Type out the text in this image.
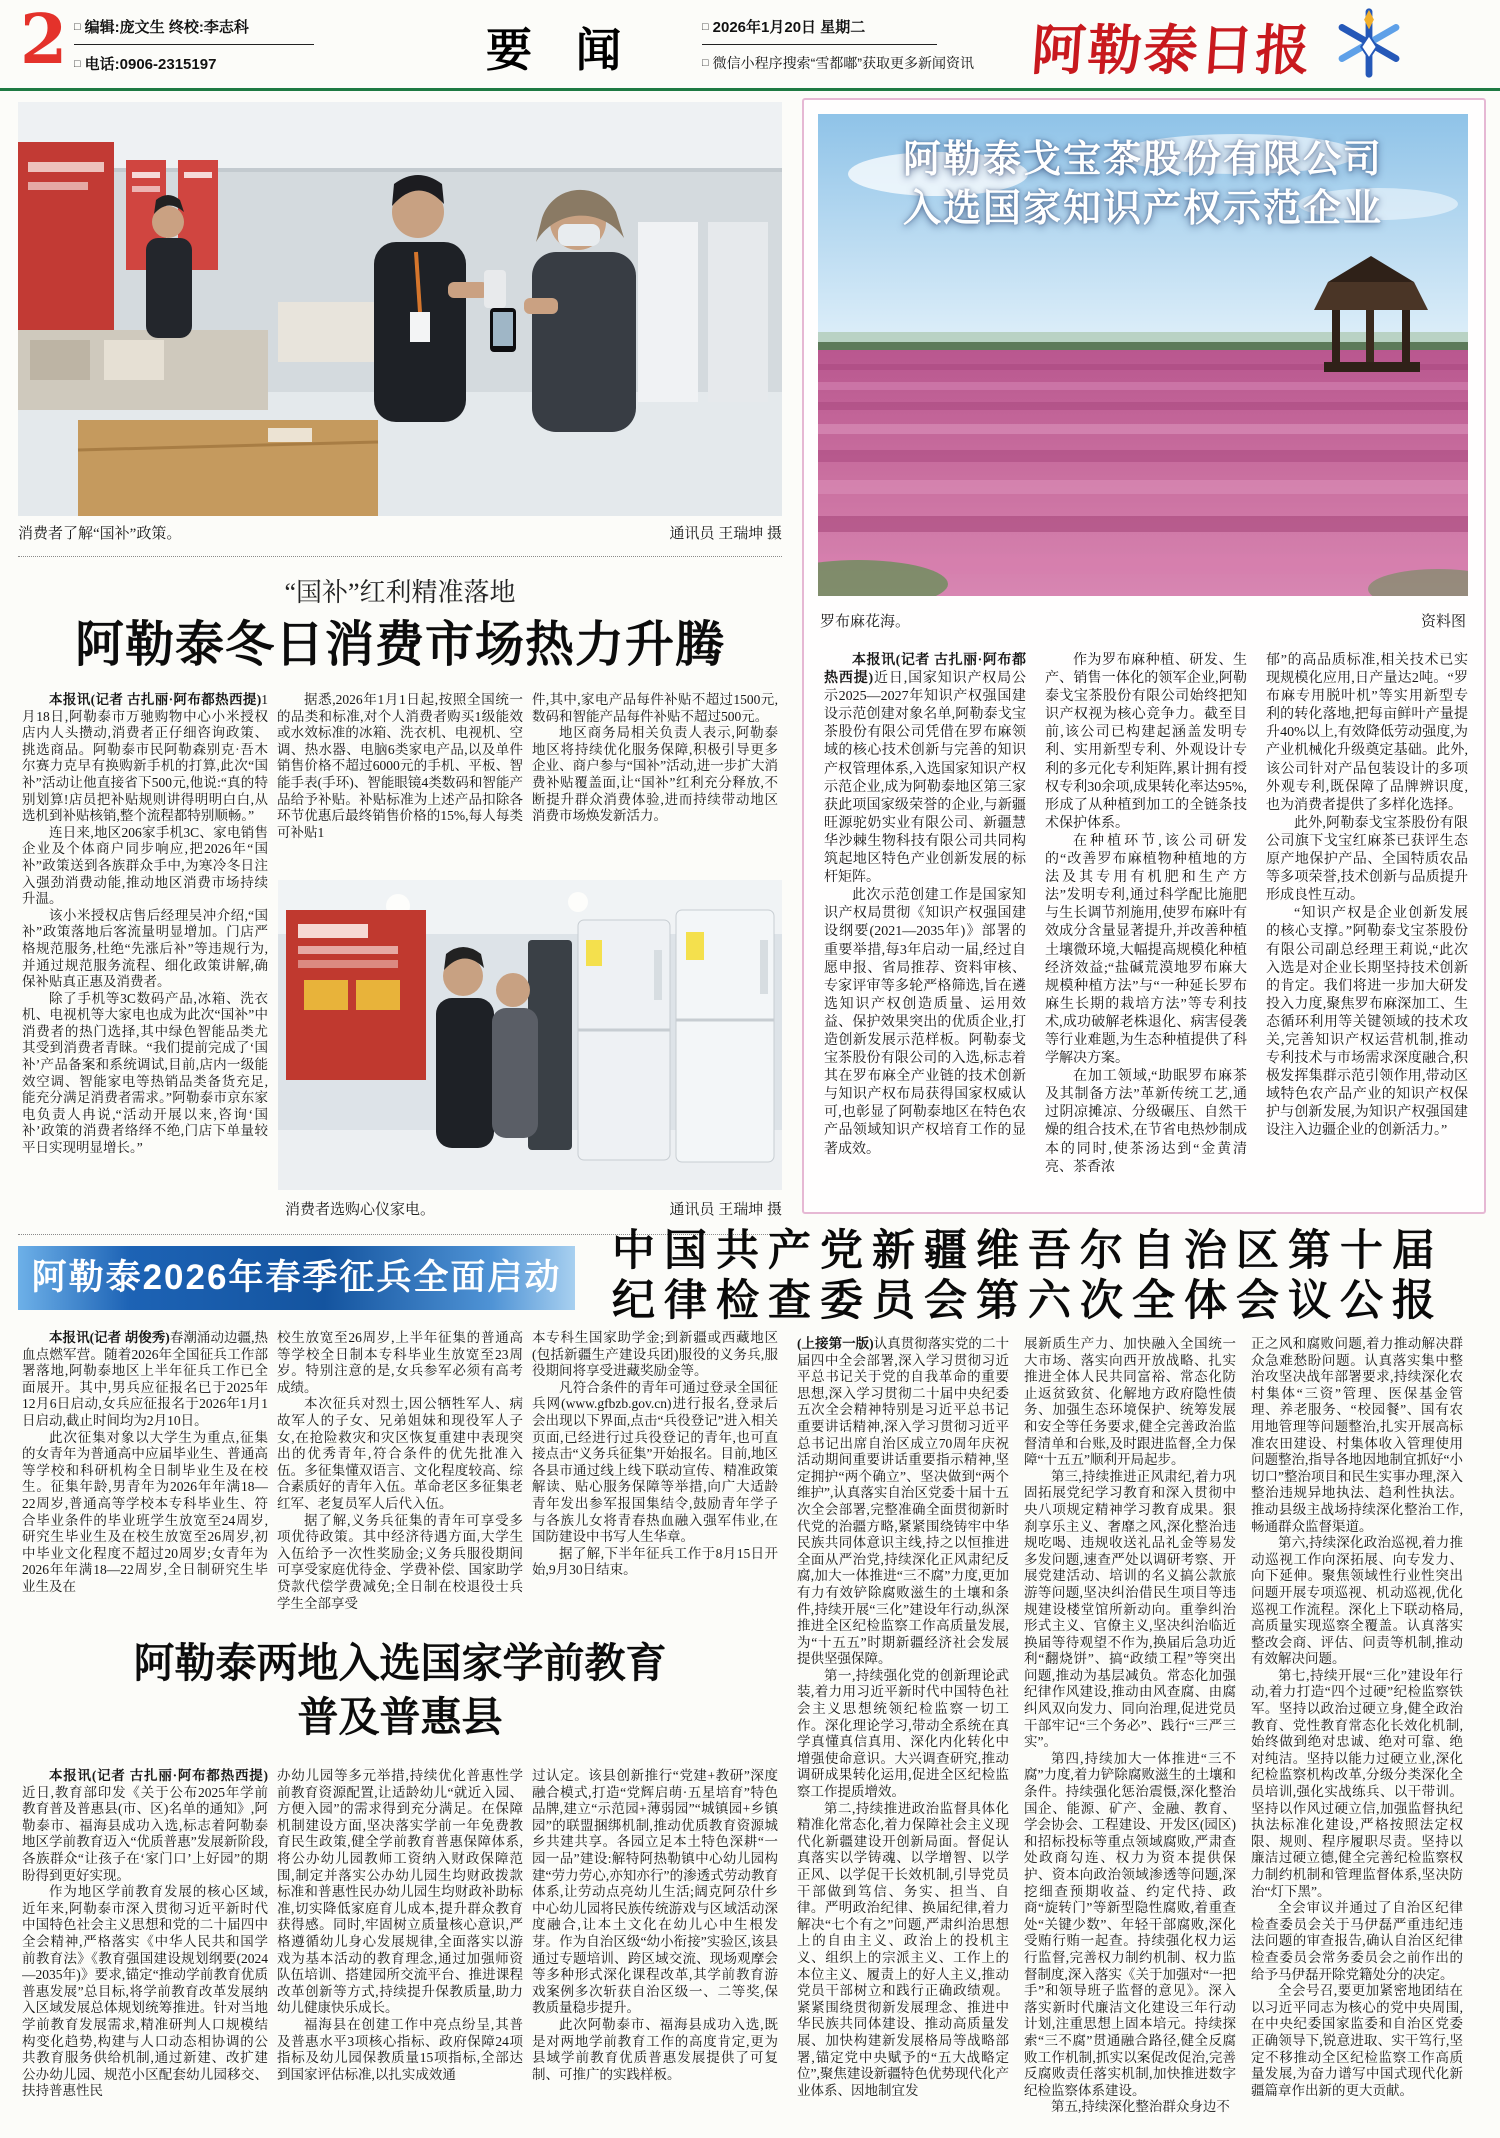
2 □ 编辑:庞文生 终校:李志科
□ 电话:0906-2315197	要 闻	□ 2026年1月20日 星期二
□ 微信小程序搜索“雪都嘟”获取更多新闻资讯	阿勒泰日报
消费者了解“国补”政策。	通讯员 王瑞坤 摄
“国补”红利精准落地
阿勒泰冬日消费市场热力升腾

本报讯(记者 古扎丽·阿布都热西提)1月18日,阿勒泰市万驰购物中心小米授权店内人头攒动,消费者正仔细咨询政策、挑选商品。阿勒泰市民阿勒森别克·吾木尔赛力克早有换购新手机的打算,此次“国补”活动让他直接省下500元,他说:“真的特别划算!店员把补贴规则讲得明明白白,从选机到补贴核销,整个流程都特别顺畅。”

连日来,地区206家手机3C、家电销售企业及个体商户同步响应,把2026年“国补”政策送到各族群众手中,为寒冷冬日注入强劲消费动能,推动地区消费市场持续升温。

该小米授权店售后经理吴冲介绍,“国补”政策落地后客流量明显增加。门店严格规范服务,杜绝“先涨后补”等违规行为,并通过规范服务流程、细化政策讲解,确保补贴真正惠及消费者。

除了手机等3C数码产品,冰箱、洗衣机、电视机等大家电也成为此次“国补”中消费者的热门选择,其中绿色智能品类尤其受到消费者青睐。“我们提前完成了‘国补’产品备案和系统调试,目前,店内一级能效空调、智能家电等热销品类备货充足,能充分满足消费者需求。”阿勒泰市京东家电负责人冉说,“活动开展以来,咨询‘国补’政策的消费者络绎不绝,门店下单量较平日实现明显增长。”

据悉,2026年1月1日起,按照全国统一的品类和标准,对个人消费者购买1级能效或水效标准的冰箱、洗衣机、电视机、空调、热水器、电脑6类家电产品,以及单件销售价格不超过6000元的手机、平板、智能手表(手环)、智能眼镜4类数码和智能产品给予补贴。补贴标准为上述产品扣除各环节优惠后最终销售价格的15%,每人每类可补贴1

件,其中,家电产品每件补贴不超过1500元,数码和智能产品每件补贴不超过500元。

地区商务局相关负责人表示,阿勒泰地区将持续优化服务保障,积极引导更多企业、商户参与“国补”活动,进一步扩大消费补贴覆盖面,让“国补”红利充分释放,不断提升群众消费体验,进而持续带动地区消费市场焕发新活力。

消费者选购心仪家电。	通讯员 王瑞坤 摄
阿勒泰2026年春季征兵全面启动

本报讯(记者 胡俊秀)春潮涌动边疆,热血点燃军营。随着2026年全国征兵工作部署落地,阿勒泰地区上半年征兵工作已全面展开。其中,男兵应征报名已于2025年12月6日启动,女兵应征报名于2026年1月1日启动,截止时间均为2月10日。

此次征集对象以大学生为重点,征集的女青年为普通高中应届毕业生、普通高等学校和科研机构全日制毕业生及在校生。征集年龄,男青年为2026年年满18—22周岁,普通高等学校本专科毕业生、符合毕业条件的毕业班学生放宽至24周岁,研究生毕业生及在校生放宽至26周岁,初中毕业文化程度不超过20周岁;女青年为2026年年满18—22周岁,全日制研究生毕业生及在

校生放宽至26周岁,上半年征集的普通高等学校全日制本专科毕业生放宽至23周岁。特别注意的是,女兵参军必须有高考成绩。

本次征兵对烈士,因公牺牲军人、病故军人的子女、兄弟姐妹和现役军人子女,在抢险救灾和灾区恢复重建中表现突出的优秀青年,符合条件的优先批准入伍。多征集懂双语言、文化程度较高、综合素质好的青年入伍。革命老区多征集老红军、老复员军人后代入伍。

据了解,义务兵征集的青年可享受多项优待政策。其中经济待遇方面,大学生入伍给予一次性奖励金;义务兵服役期间可享受家庭优待金、学费补偿、国家助学贷款代偿学费减免;全日制在校退役士兵学生全部享受

本专科生国家助学金;到新疆或西藏地区(包括新疆生产建设兵团)服役的义务兵,服役期间将享受进藏奖励金等。

凡符合条件的青年可通过登录全国征兵网(www.gfbzb.gov.cn)进行报名,登录后会出现以下界面,点击“兵役登记”进入相关页面,已经进行过兵役登记的青年,也可直接点击“义务兵征集”开始报名。目前,地区各县市通过线上线下联动宣传、精准政策解读、贴心服务保障等举措,向广大适龄青年发出参军报国集结令,鼓励青年学子与各族儿女将青春热血融入强军伟业,在国防建设中书写人生华章。

据了解,下半年征兵工作于8月15日开始,9月30日结束。

阿勒泰两地入选国家学前教育
普及普惠县

本报讯(记者 古扎丽·阿布都热西提)近日,教育部印发《关于公布2025年学前教育普及普惠县(市、区)名单的通知》,阿勒泰市、福海县成功入选,标志着阿勒泰地区学前教育迈入“优质普惠”发展新阶段,各族群众“让孩子在‘家门口’上好园”的期盼得到更好实现。

作为地区学前教育发展的核心区域,近年来,阿勒泰市深入贯彻习近平新时代中国特色社会主义思想和党的二十届四中全会精神,严格落实《中华人民共和国学前教育法》《教育强国建设规划纲要(2024—2035年)》要求,锚定“推动学前教育优质普惠发展”总目标,将学前教育改革发展纳入区域发展总体规划统筹推进。针对当地学前教育发展需求,精准研判人口规模结构变化趋势,构建与人口动态相协调的公共教育服务供给机制,通过新建、改扩建公办幼儿园、规范小区配套幼儿园移交、扶持普惠性民

办幼儿园等多元举措,持续优化普惠性学前教育资源配置,让适龄幼儿“就近入园、方便入园”的需求得到充分满足。在保障机制建设方面,坚决落实学前一年免费教育民生政策,健全学前教育普惠保障体系,将公办幼儿园教师工资纳入财政保障范围,制定并落实公办幼儿园生均财政拨款标准和普惠性民办幼儿园生均财政补助标准,切实降低家庭育儿成本,提升群众教育获得感。同时,牢固树立质量核心意识,严格遵循幼儿身心发展规律,全面落实以游戏为基本活动的教育理念,通过加强师资队伍培训、搭建园所交流平台、推进课程改革创新等方式,持续提升保教质量,助力幼儿健康快乐成长。

福海县在创建工作中亮点纷呈,其普及普惠水平3项核心指标、政府保障24项指标及幼儿园保教质量15项指标,全部达到国家评估标准,以扎实成效通

过认定。该县创新推行“党建+教研”深度融合模式,打造“党辉启萌·五星培育”特色品牌,建立“示范园+薄弱园”“城镇园+乡镇园”的联盟捆绑机制,推动优质教育资源城乡共建共享。各园立足本土特色深耕“一园一品”建设:解特阿热勒镇中心幼儿园构建“劳力劳心,亦知亦行”的渗透式劳动教育体系,让劳动点亮幼儿生活;阔克阿尕什乡中心幼儿园将民族传统游戏与区域活动深度融合,让本土文化在幼儿心中生根发芽。作为自治区级“幼小衔接”实验区,该县通过专题培训、跨区域交流、现场观摩会等多种形式深化课程改革,其学前教育游戏案例多次斩获自治区级一、二等奖,保教质量稳步提升。

此次阿勒泰市、福海县成功入选,既是对两地学前教育工作的高度肯定,更为县域学前教育优质普惠发展提供了可复制、可推广的实践样板。

阿勒泰戈宝茶股份有限公司
入选国家知识产权示范企业
罗布麻花海。	资料图

本报讯(记者 古扎丽·阿布都热西提)近日,国家知识产权局公示2025—2027年知识产权强国建设示范创建对象名单,阿勒泰戈宝茶股份有限公司凭借在罗布麻领域的核心技术创新与完善的知识产权管理体系,入选国家知识产权示范企业,成为阿勒泰地区第三家获此项国家级荣誉的企业,与新疆旺源驼奶实业有限公司、新疆慧华沙棘生物科技有限公司共同构筑起地区特色产业创新发展的标杆矩阵。

此次示范创建工作是国家知识产权局贯彻《知识产权强国建设纲要(2021—2035年)》部署的重要举措,每3年启动一届,经过自愿申报、省局推荐、资料审核、专家评审等多轮严格筛选,旨在遴选知识产权创造质量、运用效益、保护效果突出的优质企业,打造创新发展示范样板。阿勒泰戈宝茶股份有限公司的入选,标志着其在罗布麻全产业链的技术创新与知识产权布局获得国家权威认可,也彰显了阿勒泰地区在特色农产品领域知识产权培育工作的显著成效。

作为罗布麻种植、研发、生产、销售一体化的领军企业,阿勒泰戈宝茶股份有限公司始终把知识产权视为核心竞争力。截至目前,该公司已构建起涵盖发明专利、实用新型专利、外观设计专利的多元化专利矩阵,累计拥有授权专利30余项,成果转化率达95%,形成了从种植到加工的全链条技术保护体系。

在种植环节,该公司研发的“改善罗布麻植物种植地的方法及其专用有机肥和生产方法”发明专利,通过科学配比施肥与生长调节剂施用,使罗布麻叶有效成分含量显著提升,并改善种植土壤微环境,大幅提高规模化种植经济效益;“盐碱荒漠地罗布麻大规模种植方法”与“一种延长罗布麻生长期的栽培方法”等专利技术,成功破解老株退化、病害侵袭等行业难题,为生态种植提供了科学解决方案。

在加工领域,“助眠罗布麻茶及其制备方法”革新传统工艺,通过阴凉摊凉、分级碾压、自然干燥的组合技术,在节省电热炒制成本的同时,使茶汤达到“金黄清亮、茶香浓

郁”的高品质标准,相关技术已实现规模化应用,日产量达2吨。“罗布麻专用脱叶机”等实用新型专利的转化落地,把每亩鲜叶产量提升40%以上,有效降低劳动强度,为产业机械化升级奠定基础。此外,该公司针对产品包装设计的多项外观专利,既保障了品牌辨识度,也为消费者提供了多样化选择。

此外,阿勒泰戈宝茶股份有限公司旗下戈宝红麻茶已获评生态原产地保护产品、全国特质农品等多项荣誉,技术创新与品质提升形成良性互动。

“知识产权是企业创新发展的核心支撑。”阿勒泰戈宝茶股份有限公司副总经理王莉说,“此次入选是对企业长期坚持技术创新的肯定。我们将进一步加大研发投入力度,聚焦罗布麻深加工、生态循环利用等关键领域的技术攻关,完善知识产权运营机制,推动专利技术与市场需求深度融合,积极发挥集群示范引领作用,带动区域特色农产品产业的知识产权保护与创新发展,为知识产权强国建设注入边疆企业的创新活力。”

中国共产党新疆维吾尔自治区第十届
纪律检查委员会第六次全体会议公报

(上接第一版)认真贯彻落实党的二十届四中全会部署,深入学习贯彻习近平总书记关于党的自我革命的重要思想,深入学习贯彻二十届中央纪委五次全会精神特别是习近平总书记重要讲话精神,深入学习贯彻习近平总书记出席自治区成立70周年庆祝活动期间重要讲话重要指示精神,坚定拥护“两个确立”、坚决做到“两个维护”,认真落实自治区党委十届十五次全会部署,完整准确全面贯彻新时代党的治疆方略,紧紧围绕铸牢中华民族共同体意识主线,持之以恒推进全面从严治党,持续深化正风肃纪反腐,加大一体推进“三不腐”力度,更加有力有效铲除腐败滋生的土壤和条件,持续开展“三化”建设年行动,纵深推进全区纪检监察工作高质量发展,为“十五五”时期新疆经济社会发展提供坚强保障。

第一,持续强化党的创新理论武装,着力用习近平新时代中国特色社会主义思想统领纪检监察一切工作。深化理论学习,带动全系统在真学真懂真信真用、深化内化转化中增强使命意识。大兴调查研究,推动调研成果转化运用,促进全区纪检监察工作提质增效。

第二,持续推进政治监督具体化精准化常态化,着力保障社会主义现代化新疆建设开创新局面。督促认真落实以学铸魂、以学增智、以学正风、以学促干长效机制,引导党员干部做到笃信、务实、担当、自律。严明政治纪律、换届纪律,着力解决“七个有之”问题,严肃纠治思想上的自由主义、政治上的投机主义、组织上的宗派主义、工作上的本位主义、履责上的好人主义,推动党员干部树立和践行正确政绩观。紧紧围绕贯彻新发展理念、推进中华民族共同体建设、推动高质量发展、加快构建新发展格局等战略部署,锚定党中央赋予的“五大战略定位”,聚焦建设新疆特色优势现代化产业体系、因地制宜发

展新质生产力、加快融入全国统一大市场、落实向西开放战略、扎实推进全体人民共同富裕、常态化防止返贫致贫、化解地方政府隐性债务、加强生态环境保护、统筹发展和安全等任务要求,健全完善政治监督清单和台账,及时跟进监督,全力保障“十五五”顺利开局起步。

第三,持续推进正风肃纪,着力巩固拓展党纪学习教育和深入贯彻中央八项规定精神学习教育成果。狠刹享乐主义、奢靡之风,深化整治违规吃喝、违规收送礼品礼金等易发多发问题,速查严处以调研考察、开展党建活动、培训的名义搞公款旅游等问题,坚决纠治借民生项目等违规建设楼堂馆所新动向。重拳纠治形式主义、官僚主义,坚决纠治临近换届等待观望不作为,换届后急功近利“翻烧饼”、搞“政绩工程”等突出问题,推动为基层减负。常态化加强纪律作风建设,推动由风查腐、由腐纠风双向发力、同向治理,促进党员干部牢记“三个务必”、践行“三严三实”。

第四,持续加大一体推进“三不腐”力度,着力铲除腐败滋生的土壤和条件。持续强化惩治震慑,深化整治国企、能源、矿产、金融、教育、学会协会、工程建设、开发区(园区)和招标投标等重点领域腐败,严肃查处政商勾连、权力为资本提供保护、资本向政治领域渗透等问题,深挖细查预期收益、约定代持、政商“旋转门”等新型隐性腐败,着重查处“关键少数”、年轻干部腐败,深化受贿行贿一起查。持续强化权力运行监督,完善权力制约机制、权力监督制度,深入落实《关于加强对“一把手”和领导班子监督的意见》。深入落实新时代廉洁文化建设三年行动计划,注重思想上固本培元。持续探索“三不腐”贯通融合路径,健全反腐败工作机制,抓实以案促改促治,完善反腐败责任落实机制,加快推进数字纪检监察体系建设。

第五,持续深化整治群众身边不

正之风和腐败问题,着力推动解决群众急难愁盼问题。认真落实集中整治攻坚决战年部署要求,持续深化农村集体“三资”管理、医保基金管理、养老服务、“校园餐”、国有农用地管理等问题整治,扎实开展高标准农田建设、村集体收入管理使用问题整治,指导各地因地制宜抓好“小切口”整治项目和民生实事办理,深入整治违规异地执法、趋利性执法。推动县级主战场持续深化整治工作,畅通群众监督渠道。

第六,持续深化政治巡视,着力推动巡视工作向深拓展、向专发力、向下延伸。聚焦领域性行业性突出问题开展专项巡视、机动巡视,优化巡视工作流程。深化上下联动格局,高质量实现巡察全覆盖。认真落实整改会商、评估、问责等机制,推动有效解决问题。

第七,持续开展“三化”建设年行动,着力打造“四个过硬”纪检监察铁军。坚持以政治过硬立身,健全政治教育、党性教育常态化长效化机制,始终做到绝对忠诚、绝对可靠、绝对纯洁。坚持以能力过硬立业,深化纪检监察机构改革,分级分类深化全员培训,强化实战练兵、以干带训。坚持以作风过硬立信,加强监督执纪执法标准化建设,严格按照法定权限、规则、程序履职尽责。坚持以廉洁过硬立德,健全完善纪检监察权力制约机制和管理监督体系,坚决防治“灯下黑”。

全会审议并通过了自治区纪律检查委员会关于马伊磊严重违纪违法问题的审查报告,确认自治区纪律检查委员会常务委员会之前作出的给予马伊磊开除党籍处分的决定。

全会号召,要更加紧密地团结在以习近平同志为核心的党中央周围,在中央纪委国家监委和自治区党委正确领导下,锐意进取、实干笃行,坚定不移推动全区纪检监察工作高质量发展,为奋力谱写中国式现代化新疆篇章作出新的更大贡献。
